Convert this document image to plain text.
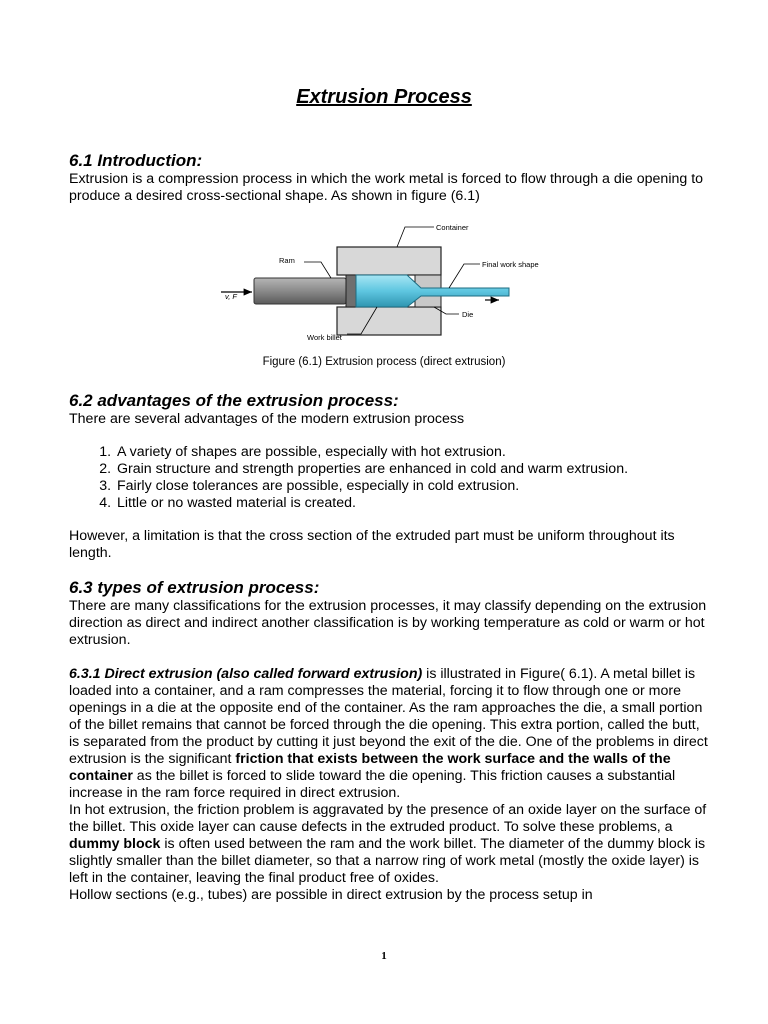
Extrusion Process

6.1 Introduction:

Extrusion is a compression process in which the work metal is forced to flow through a die opening to produce a desired cross-sectional shape. As shown in figure (6.1)

Container
Ram	Final work shape
v, F
Die
Work billet
Figure (6.1) Extrusion process (direct extrusion)

6.2 advantages of the extrusion process:

There are several advantages of the modern extrusion process

1. A variety of shapes are possible, especially with hot extrusion.
2. Grain structure and strength properties are enhanced in cold and warm extrusion.
3. Fairly close tolerances are possible, especially in cold extrusion.
4. Little or no wasted material is created.

However, a limitation is that the cross section of the extruded part must be uniform throughout its length.

6.3 types of extrusion process:

There are many classifications for the extrusion processes, it may classify depending on the extrusion direction as direct and indirect another classification is by working temperature as cold or warm or hot extrusion.

6.3.1 Direct extrusion (also called forward extrusion) is illustrated in Figure( 6.1). A metal billet is loaded into a container, and a ram compresses the material, forcing it to flow through one or more openings in a die at the opposite end of the container. As the ram approaches the die, a small portion of the billet remains that cannot be forced through the die opening. This extra portion, called the butt, is separated from the product by cutting it just beyond the exit of the die. One of the problems in direct extrusion is the significant friction that exists between the work surface and the walls of the container as the billet is forced to slide toward the die opening. This friction causes a substantial increase in the ram force required in direct extrusion.

In hot extrusion, the friction problem is aggravated by the presence of an oxide layer on the surface of the billet. This oxide layer can cause defects in the extruded product. To solve these problems, a dummy block is often used between the ram and the work billet. The diameter of the dummy block is slightly smaller than the billet diameter, so that a narrow ring of work metal (mostly the oxide layer) is left in the container, leaving the final product free of oxides.

Hollow sections (e.g., tubes) are possible in direct extrusion by the process setup in

1
